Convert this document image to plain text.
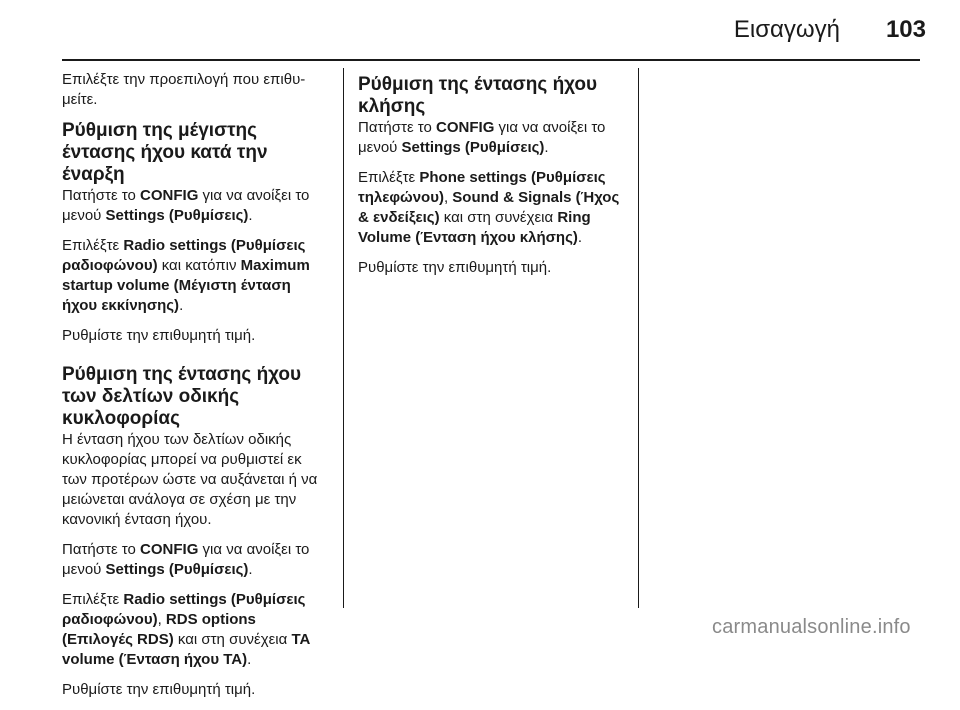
Εισαγωγή	103

Επιλέξτε την προεπιλογή που επιθυ- μείτε.

Ρύθμιση της μέγιστης έντασης ήχου κατά την έναρξη

Πατήστε το CONFIG για να ανοίξει το μενού Settings (Ρυθμίσεις).

Επιλέξτε Radio settings (Ρυθμίσεις ραδιοφώνου) και κατόπιν Maximum startup volume (Μέγιστη ένταση ήχου εκκίνησης).

Ρυθμίστε την επιθυμητή τιμή.

Ρύθμιση της έντασης ήχου των δελτίων οδικής κυκλοφορίας

Η ένταση ήχου των δελτίων οδικής κυκλοφορίας μπορεί να ρυθμιστεί εκ των προτέρων ώστε να αυξάνεται ή να μειώνεται ανάλογα σε σχέση με την κανονική ένταση ήχου.

Πατήστε το CONFIG για να ανοίξει το μενού Settings (Ρυθμίσεις).

Επιλέξτε Radio settings (Ρυθμίσεις ραδιοφώνου), RDS options (Επιλογές RDS) και στη συνέχεια TA volume (Ένταση ήχου TA).

Ρυθμίστε την επιθυμητή τιμή.

Ρύθμιση της έντασης ήχου κλήσης

Πατήστε το CONFIG για να ανοίξει το μενού Settings (Ρυθμίσεις).

Επιλέξτε Phone settings (Ρυθμίσεις τηλεφώνου), Sound & Signals (Ήχος & ενδείξεις) και στη συνέχεια Ring Volume (Ένταση ήχου κλήσης).

Ρυθμίστε την επιθυμητή τιμή.

carmanualsonline.info
